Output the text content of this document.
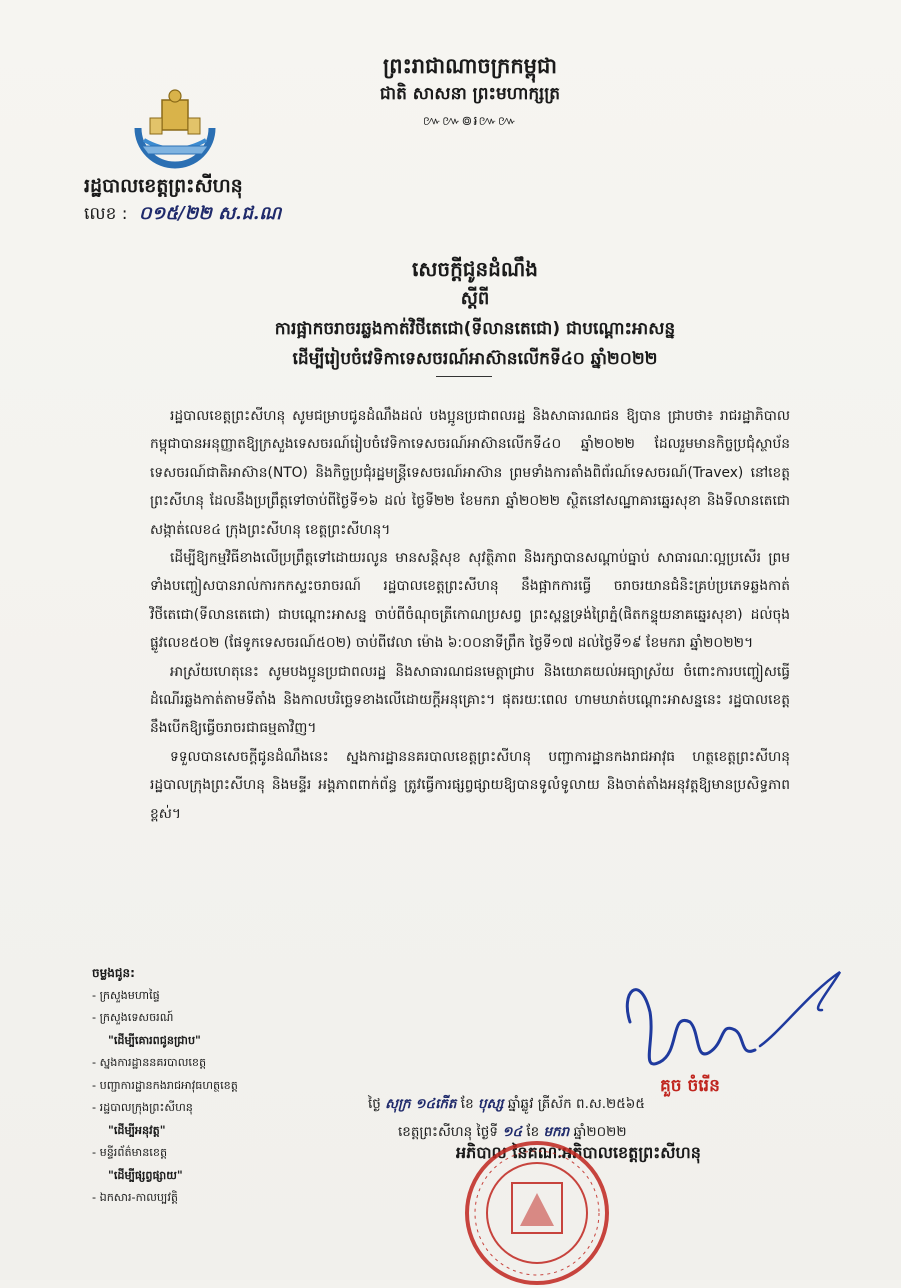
ព្រះរាជាណាចក្រកម្ពុជា
ជាតិ សាសនា ព្រះមហាក្សត្រ
៚៚៙៛៚៚
រដ្ឋបាលខេត្តព្រះសីហនុ
លេខ : ០១៥/២២ ស.ជ.ណ
សេចក្តីជូនដំណឹង
ស្តីពី
ការផ្អាកចរាចរឆ្លងកាត់វិថីតេជោ(ទីលានតេជោ) ជាបណ្តោះអាសន្ន
ដើម្បីរៀបចំវេទិកាទេសចរណ៍អាស៊ានលើកទី៤០ ឆ្នាំ២០២២

រដ្ឋបាលខេត្តព្រះសីហនុ សូមជម្រាបជូនដំណឹងដល់ បងប្អូនប្រជាពលរដ្ឋ និងសាធារណជន ឱ្យបាន ជ្រាបថា៖ រាជរដ្ឋាភិបាលកម្ពុជាបានអនុញ្ញាតឱ្យក្រសួងទេសចរណ៍រៀបចំវេទិកាទេសចរណ៍អាស៊ានលើកទី៤០ ឆ្នាំ២០២២ ដែលរួមមានកិច្ចប្រជុំស្ថាប័នទេសចរណ៍ជាតិអាស៊ាន(NTO) និងកិច្ចប្រជុំរដ្ឋមន្ត្រីទេសចរណ៍អាស៊ាន ព្រមទាំងការតាំងពិព័រណ៍ទេសចរណ៍(Travex) នៅខេត្តព្រះសីហនុ ដែលនឹងប្រព្រឹត្តទៅចាប់ពីថ្ងៃទី១៦ ដល់ ថ្ងៃទី២២ ខែមករា ឆ្នាំ២០២២ ស្ថិតនៅសណ្ឋាគារឆ្នេរសុខា និងទីលានតេជោ សង្កាត់លេខ៤ ក្រុងព្រះសីហនុ ខេត្តព្រះសីហនុ។

ដើម្បីឱ្យកម្មវិធីខាងលើប្រព្រឹត្តទៅដោយរលូន មានសន្តិសុខ សុវត្ថិភាព និងរក្សាបានសណ្តាប់ធ្នាប់ សាធារណៈល្អប្រសើរ ព្រមទាំងបញ្ចៀសបានរាល់ការកកស្ទះចរាចរណ៍ រដ្ឋបាលខេត្តព្រះសីហនុ នឹងផ្អាកការធ្វើ ចរាចរយានជំនិះគ្រប់ប្រភេទឆ្លងកាត់វិថីតេជោ(ទីលានតេជោ) ជាបណ្តោះអាសន្ន ចាប់ពីចំណុចត្រីកោណប្រសព្វ ព្រះស្ពន្ទទ្រង់ព្រៃភ្នំ(ផិតកន្ទុយនាគឆ្នេរសុខា) ដល់ចុងផ្លូវលេខ៥០២ (ផែទូកទេសចរណ៍៥០២) ចាប់ពីវេលា ម៉ោង ៦:០០នាទីព្រឹក ថ្ងៃទី១៧ ដល់ថ្ងៃទី១៩ ខែមករា ឆ្នាំ២០២២។

អាស្រ័យហេតុនេះ សូមបងប្អូនប្រជាពលរដ្ឋ និងសាធារណជនមេត្តាជ្រាប និងយោគយល់អធ្យាស្រ័យ ចំពោះការបញ្ចៀសធ្វើដំណើរឆ្លងកាត់តាមទីតាំង និងកាលបរិច្ឆេទខាងលើដោយក្តីអនុគ្រោះ។ ផុតរយៈពេល ហាមឃាត់បណ្តោះអាសន្ននេះ រដ្ឋបាលខេត្តនឹងបើកឱ្យធ្វើចរាចរជាធម្មតាវិញ។

ទទួលបានសេចក្តីជូនដំណឹងនេះ ស្នងការដ្ឋាននគរបាលខេត្តព្រះសីហនុ បញ្ជាការដ្ឋានកងរាជអាវុធ ហត្ថខេត្តព្រះសីហនុ រដ្ឋបាលក្រុងព្រះសីហនុ និងមន្ទីរ អង្គភាពពាក់ព័ន្ធ ត្រូវធ្វើការផ្សព្វផ្សាយឱ្យបានទូលំទូលាយ និងចាត់តាំងអនុវត្តឱ្យមានប្រសិទ្ធភាពខ្ពស់។

ថ្ងៃ សុក្រ ១៤កើត ខែ បុស្ស ឆ្នាំឆ្លូវ ត្រីស័ក ព.ស.២៥៦៥
ខេត្តព្រះសីហនុ ថ្ងៃទី ១៤ ខែ មករា ឆ្នាំ២០២២
អភិបាល នៃគណៈអភិបាលខេត្តព្រះសីហនុ
គួច ចំរើន
ចម្លងជូន:
- ក្រសួងមហាផ្ទៃ
- ក្រសួងទេសចរណ៍
"ដើម្បីគោរពជូនជ្រាប"
- ស្នងការដ្ឋាននគរបាលខេត្ត
- បញ្ជាការដ្ឋានកងរាជអាវុធហត្ថខេត្ត
- រដ្ឋបាលក្រុងព្រះសីហនុ
"ដើម្បីអនុវត្ត"
- មន្ទីរព័ត៌មានខេត្ត
"ដើម្បីផ្សព្វផ្សាយ"
- ឯកសារ-កាលប្បវត្តិ
